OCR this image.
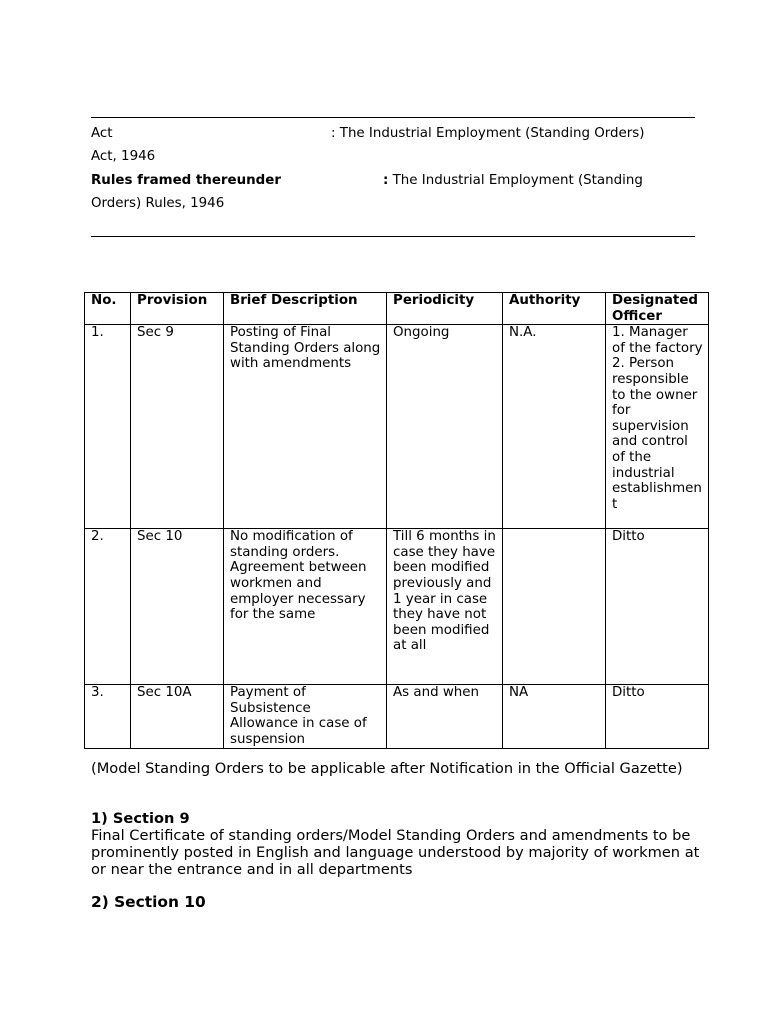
Act	: The Industrial Employment (Standing Orders)
Act, 1946
Rules framed thereunder	: The Industrial Employment (Standing
Orders) Rules, 1946
No.	Provision	Brief Description	Periodicity	Authority	Designated Officer
1.	Sec 9	Posting of Final Standing Orders along with amendments	Ongoing	N.A.	1. Manager of the factory 2. Person responsible to the owner for supervision and control of the industrial establishment
2.	Sec 10	No modification of standing orders. Agreement between workmen and employer necessary for the same	Till 6 months in case they have been modified previously and 1 year in case they have not been modified at all		Ditto
3.	Sec 10A	Payment of Subsistence Allowance in case of suspension	As and when	NA	Ditto
(Model Standing Orders to be applicable after Notification in the Official Gazette)
1) Section 9
Final Certificate of standing orders/Model Standing Orders and amendments to be prominently posted in English and language understood by majority of workmen at or near the entrance and in all departments
2) Section 10
